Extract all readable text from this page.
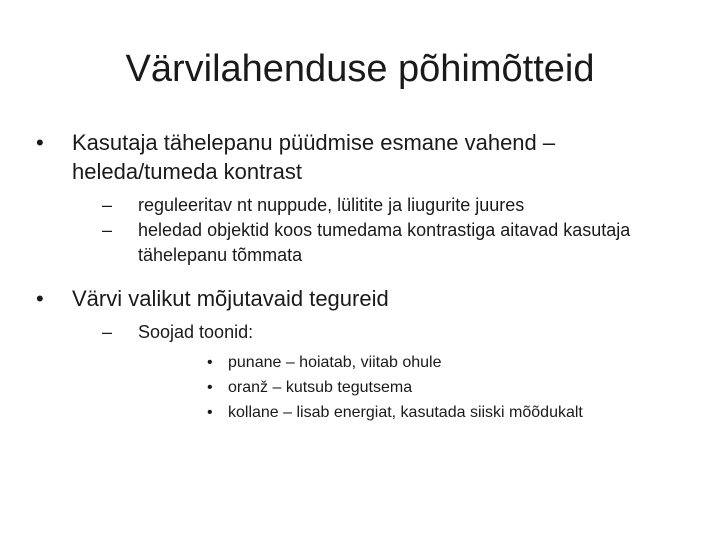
Värvilahenduse põhimõtteid
•	Kasutaja tähelepanu püüdmise esmane vahend – heleda/tumeda kontrast
– reguleeritav nt nuppude, lülitite ja liugurite juures
– heledad objektid koos tumedama kontrastiga aitavad kasutaja tähelepanu tõmmata
•	Värvi valikut mõjutavaid tegureid
– Soojad toonid:
• punane – hoiatab, viitab ohule
• oranž – kutsub tegutsema
• kollane – lisab energiat, kasutada siiski mõõdukalt
